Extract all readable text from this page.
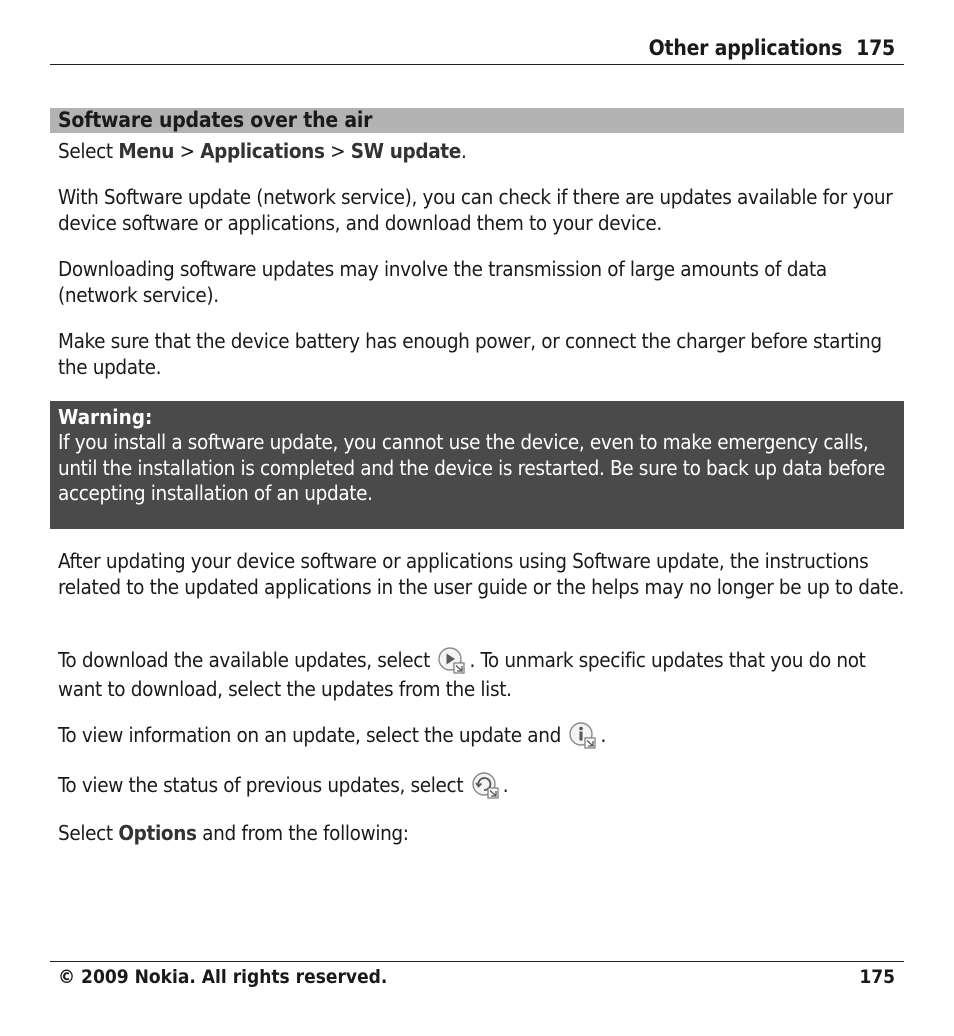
Other applications 175
Software updates over the air

Select Menu > Applications > SW update.

With Software update (network service), you can check if there are updates available for your device software or applications, and download them to your device.

Downloading software updates may involve the transmission of large amounts of data (network service).

Make sure that the device battery has enough power, or connect the charger before starting the update.

Warning:

If you install a software update, you cannot use the device, even to make emergency calls, until the installation is completed and the device is restarted. Be sure to back up data before accepting installation of an update.

After updating your device software or applications using Software update, the instructions related to the updated applications in the user guide or the helps may no longer be up to date.

To download the available updates, select . To unmark specific updates that you do not want to download, select the updates from the list.

To view information on an update, select the update and .

To view the status of previous updates, select .

Select Options and from the following:

© 2009 Nokia. All rights reserved.	175
